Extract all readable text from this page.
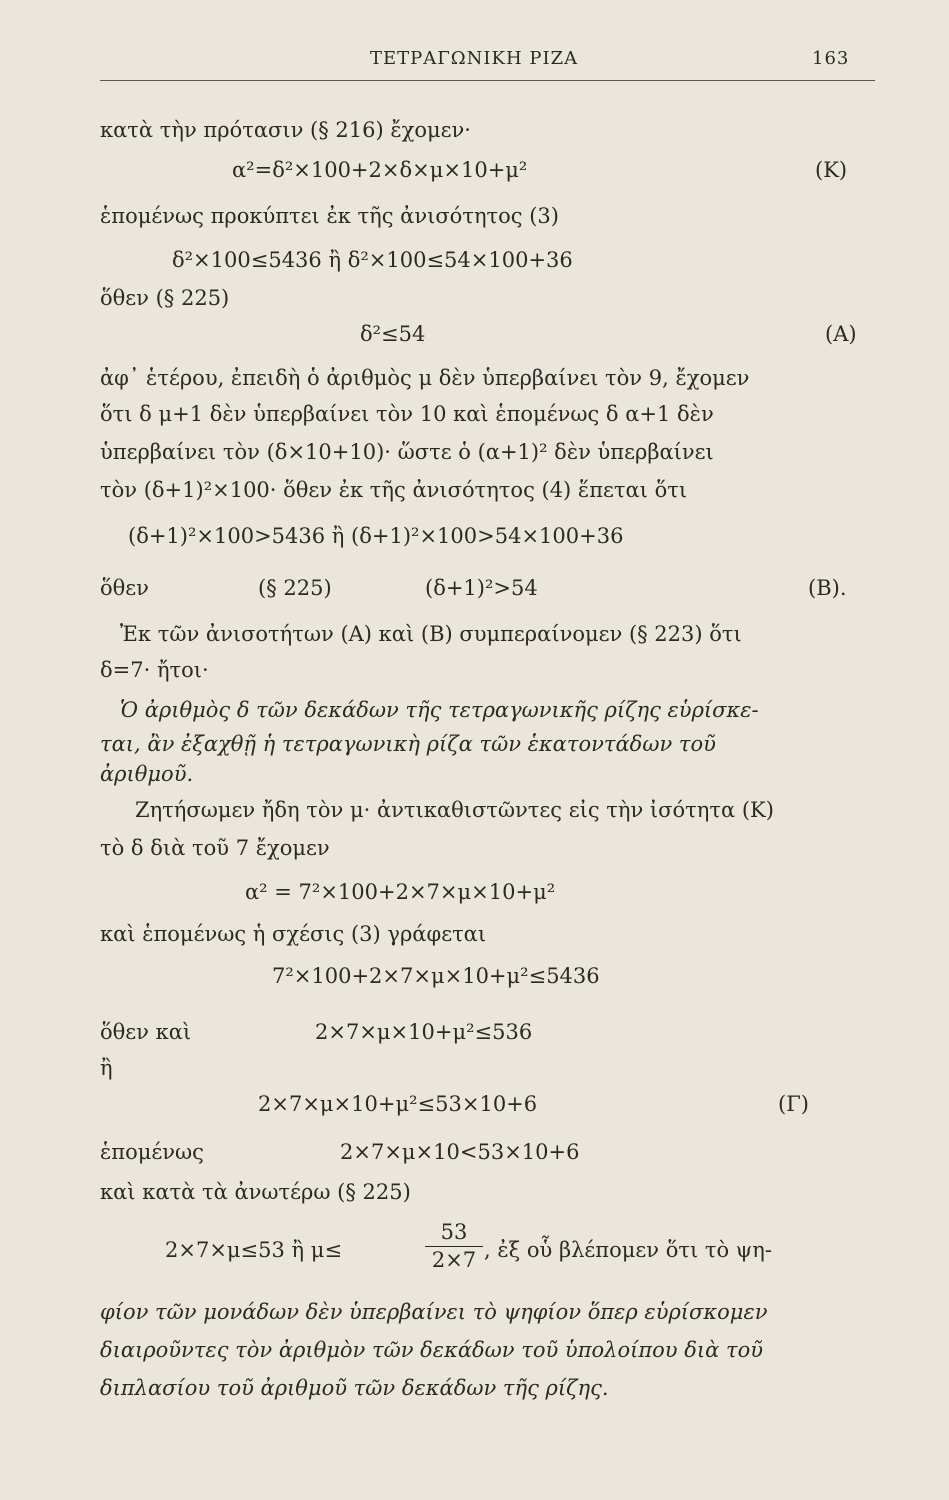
ΤΕΤΡΑΓΩΝΙΚΗ ΡΙΖΑ	163
κατὰ τὴν πρότασιν (§ 216) ἔχομεν·
α²=δ²×100+2×δ×μ×10+μ²	(Κ)
ἑπομένως προκύπτει ἐκ τῆς ἀνισότητος (3)
δ²×100≤5436 ἢ δ²×100≤54×100+36
ὅθεν (§ 225)
δ²≤54	(Α)
ἀφ᾽ ἑτέρου, ἐπειδὴ ὁ ἀριθμὸς μ δὲν ὑπερβαίνει τὸν 9, ἔχομεν
ὅτι δ μ+1 δὲν ὑπερβαίνει τὸν 10 καὶ ἑπομένως δ α+1 δὲν
ὑπερβαίνει τὸν (δ×10+10)· ὥστε ὁ (α+1)² δὲν ὑπερβαίνει
τὸν (δ+1)²×100· ὅθεν ἐκ τῆς ἀνισότητος (4) ἕπεται ὅτι
(δ+1)²×100>5436 ἢ (δ+1)²×100>54×100+36
ὅθεν	(§ 225)	(δ+1)²>54	(Β).
Ἐκ τῶν ἀνισοτήτων (Α) καὶ (Β) συμπεραίνομεν (§ 223) ὅτι
δ=7· ἤτοι·
Ὁ ἀριθμὸς δ τῶν δεκάδων τῆς τετραγωνικῆς ρίζης εὑρίσκε-
ται, ἂν ἐξαχθῇ ἡ τετραγωνικὴ ρίζα τῶν ἑκατοντάδων τοῦ
ἀριθμοῦ.
Ζητήσωμεν ἤδη τὸν μ· ἀντικαθιστῶντες εἰς τὴν ἰσότητα (Κ)
τὸ δ διὰ τοῦ 7 ἔχομεν
α² = 7²×100+2×7×μ×10+μ²
καὶ ἑπομένως ἡ σχέσις (3) γράφεται
7²×100+2×7×μ×10+μ²≤5436
ὅθεν καὶ	2×7×μ×10+μ²≤536
ἢ
2×7×μ×10+μ²≤53×10+6	(Γ)
ἑπομένως	2×7×μ×10<53×10+6
καὶ κατὰ τὰ ἀνωτέρω (§ 225)
2×7×μ≤53 ἢ μ≤
53
2×7 , ἐξ οὗ βλέπομεν ὅτι τὸ ψη-
φίον τῶν μονάδων δὲν ὑπερβαίνει τὸ ψηφίον ὅπερ εὑρίσκομεν
διαιροῦντες τὸν ἀριθμὸν τῶν δεκάδων τοῦ ὑπολοίπου διὰ τοῦ
διπλασίου τοῦ ἀριθμοῦ τῶν δεκάδων τῆς ρίζης.
